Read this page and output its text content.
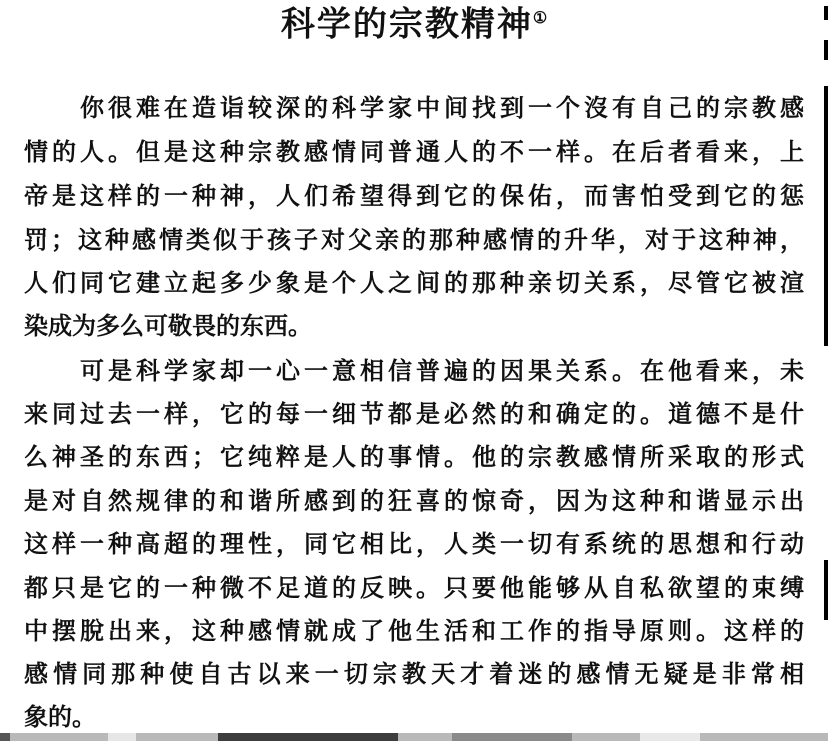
科学的宗教精神①
你很难在造诣较深的科学家中间找到一个沒有自己的宗教感
情的人。但是这种宗教感情同普通人的不一样。在后者看来，上
帝是这样的一种神，人们希望得到它的保佑，而害怕受到它的惩
罚；这种感情类似于孩子对父亲的那种感情的升华，对于这种神，
人们同它建立起多少象是个人之间的那种亲切关系，尽管它被渲
染成为多么可敬畏的东西。
可是科学家却一心一意相信普遍的因果关系。在他看来，未
来同过去一样，它的每一细节都是必然的和确定的。道德不是什
么神圣的东西；它纯粹是人的事情。他的宗教感情所采取的形式
是对自然规律的和谐所感到的狂喜的惊奇，因为这种和谐显示出
这样一种高超的理性，同它相比，人类一切有系统的思想和行动
都只是它的一种微不足道的反映。只要他能够从自私欲望的束缚
中摆脫出来，这种感情就成了他生活和工作的指导原则。这样的
感情同那种使自古以来一切宗教天才着迷的感情无疑是非常相
象的。
